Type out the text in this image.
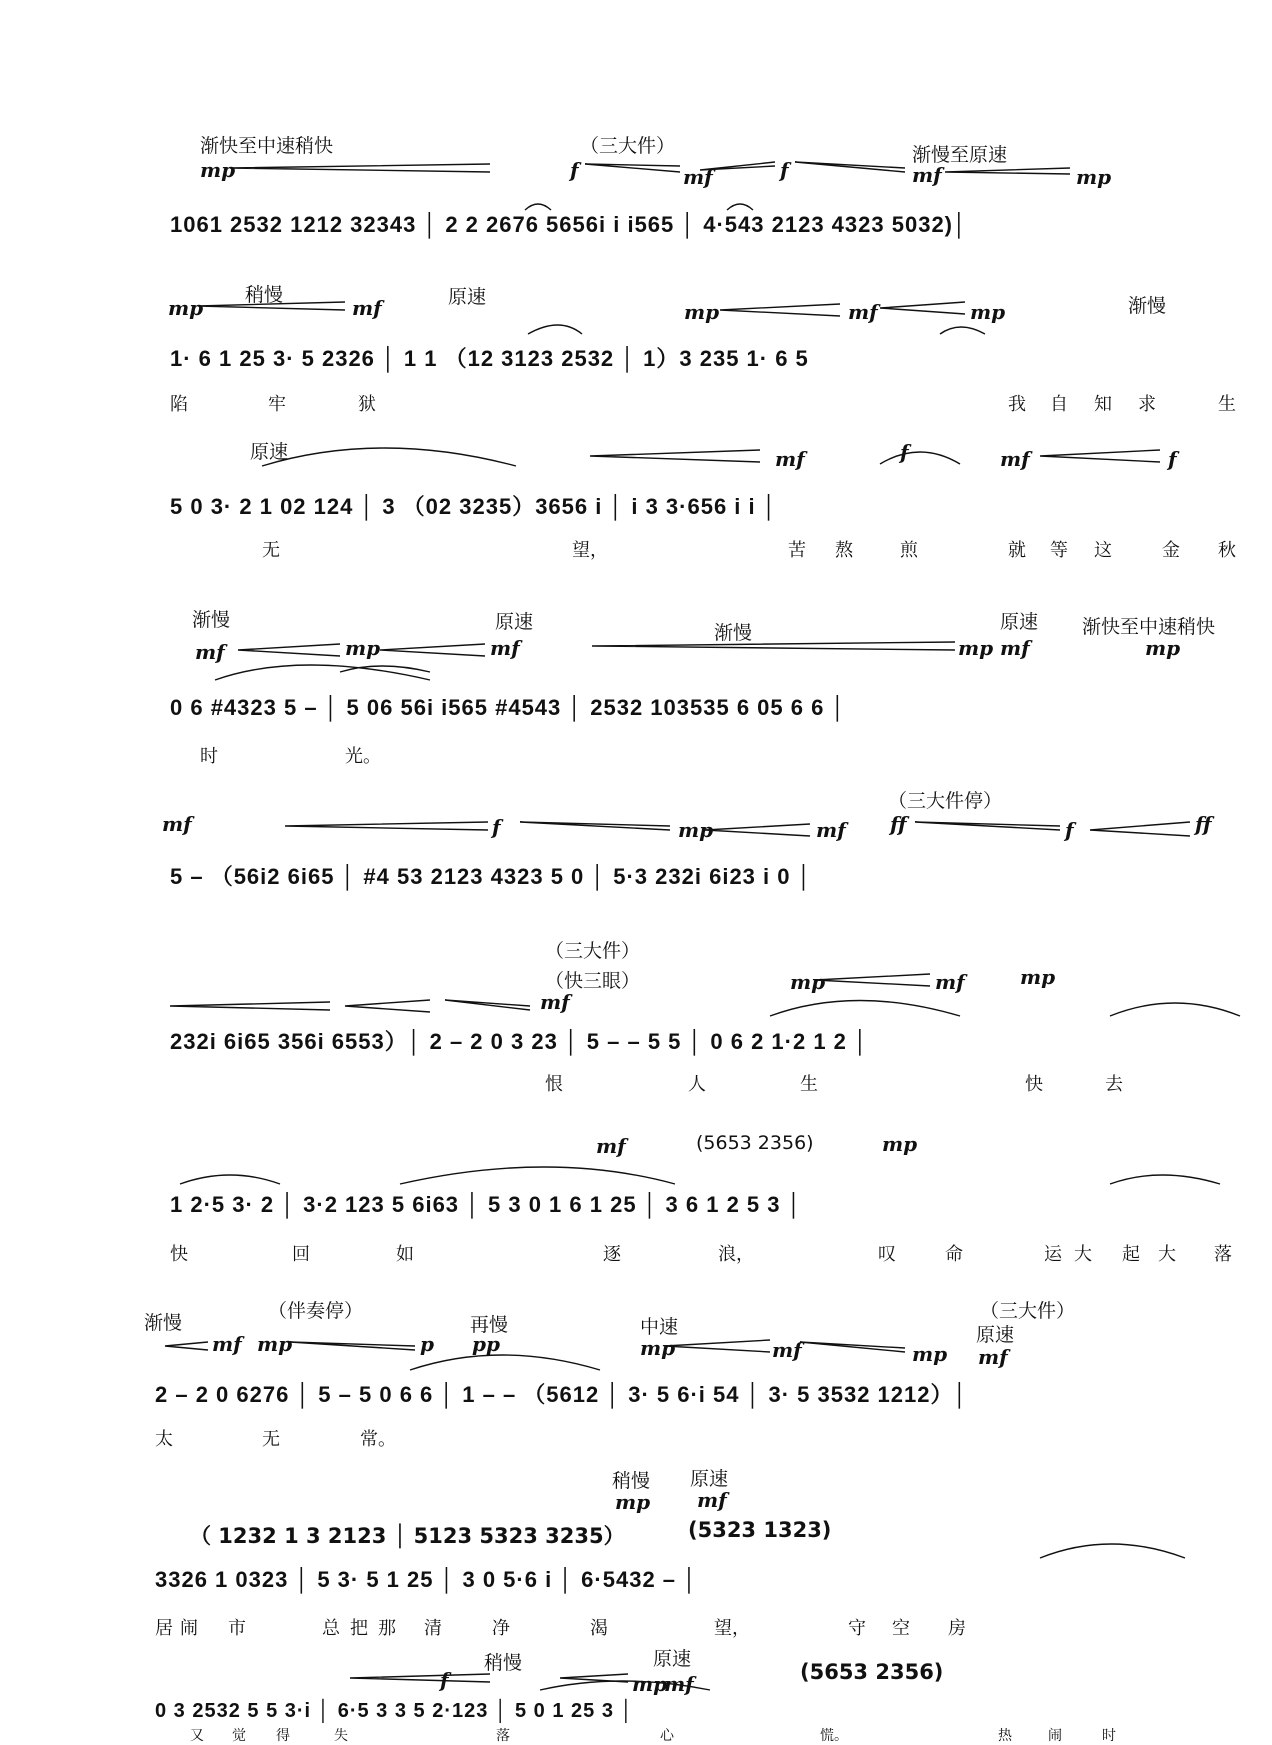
渐快至中速稍快	（三大件）	渐慢至原速
mp	f	mf	f	mf	mp
1061 2532 1212 32343 │ 2 2 2676 5656i i i565 │ 4·543 2123 4323 5032)│
稍慢	原速	渐慢
mp	mf	mp	mf	mp
1· 6 1 25 3· 5 2326 │ 1 1 （12 3123 2532 │ 1）3 235 1· 6 5
陷	牢	狱	我 自 知 求	生
原速	mf	f	mf	f
5 0 3· 2 1 02 124 │ 3 （02 3235）3656 i │ i 3 3·656 i i │
无	望，	苦 熬	煎	就 等 这	金 秋
渐慢	原速	渐慢	原速 渐快至中速稍快
mf	mp	mf	mp mf	mp
0 6 #4323 5 – │ 5 06 56i i565 #4543 │ 2532 103535 6 05 6 6 │
时	光。
（三大件停）
mf	f	mp	mf ff	f	ff
5 – （56i2 6i65 │ #4 53 2123 4323 5 0 │ 5·3 232i 6i23 i 0 │
（三大件）
（快三眼）
mf
mp	mf	mp
232i 6i65 356i 6553）│ 2 – 2 0 3 23 │ 5 – – 5 5 │ 0 6 2 1·2 1 2 │
恨	人	生	快	去
(5653 2356)
mf	mp
1 2·5 3· 2 │ 3·2 123 5 6i63 │ 5 3 0 1 6 1 25 │ 3 6 1 2 5 3 │
快	回	如	逐	浪，	叹	命	运 大 起 大 落
渐慢
（伴奏停）
再慢	中速
（三大件）
原速
mf mp	p pp	mp	mf	mp mf
2 – 2 0 6276 │ 5 – 5 0 6 6 │ 1 – – （5612 │ 3· 5 6·i 54 │ 3· 5 3532 1212）│
太	无	常。
稍慢 原速
mp mf
（ 1232 1 3 2123 │ 5123 5323 3235）	(5323 1323)
3326 1 0323 │ 5 3· 5 1 25 │ 3 0 5·6 i │ 6·5432 – │
居 闹 市	总 把 那 清	净	渴	望，	守 空 房
稍慢	原速
(5653 2356)
f	mp
mf
0 3 2532 5 5 3·i │ 6·5 3 3 5 2·123 │ 5 0 1 25 3 │
又 觉 得	失	落	心	慌。	热	闹	时
